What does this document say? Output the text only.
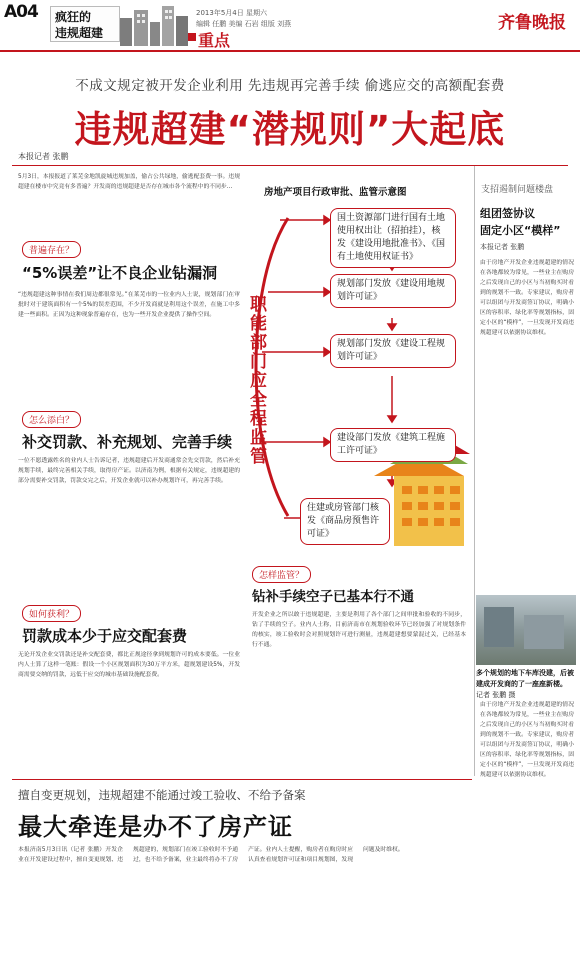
A04 疯狂的
违规超建
2013年5月4日 星期六
编辑 任鹏 美编 石岩 组版 刘燕
重点
齐鲁晚报
不成文规定被开发企业利用 先违规再完善手续 偷逃应交的高额配套费
违规超建“潜规则”大起底
本报记者 张鹏
5月3日，本报报道了莱芜金地凯旋城违规加盖，偷占公共绿地，偷逃配套费一事。违规超建在楼市中究竟有多普遍？开发商的违规超建是否存在城市各个流程中的不同步…
普遍存在？
“5%误差”让不良企业钻漏洞
“违规超建这种事情在我们周边都很常见。”在莱芜市的一位业内人士说，规划部门在审批时对于建筑面积有一个5%的误差范围，不少开发商就是利用这个误差，在施工中多建一些面积。正因为这种现象普遍存在，也为一些开发企业提供了操作空间。
怎么添白？
补交罚款、补充规划、完善手续
一位不愿透露姓名的业内人士告诉记者，违规超建后开发商通常会先交罚款，然后补充规划手续，最终完善相关手续，取得房产证。以济南为例，根据有关规定，违规超建的部分需要补交罚款，罚款交完之后，开发企业就可以补办规划许可，再完善手续。
如何获利？
罚款成本少于应交配套费
无论开发企业交罚款还是补交配套费，都比正规途径拿到规划许可的成本要低。一位业内人士算了这样一笔账：假设一个小区规划面积为30万平方米，超规划建设5%，开发商需要交纳的罚款，远低于应交的城市基础设施配套费。
房地产项目行政审批、监管示意图
职能部门应全程监管
国土资源部门进行国有土地使用权出让（招拍挂），核发《建设用地批准书》、《国有土地使用权证书》
规划部门发放《建设用地规划许可证》
规划部门发放《建设工程规划许可证》
建设部门发放《建筑工程施工许可证》
住建或房管部门核发《商品房预售许可证》
怎样监管？
钻补手续空子已基本行不通
开发企业之所以敢于违规超建，主要是利用了各个部门之间审批和验收的不同步，钻了手续的空子。业内人士称，目前济南市在规划验收环节已经加强了对规划条件的核实，竣工验收时会对照规划许可进行测量，违规超建想要蒙混过关，已经基本行不通。
支招遏制问题楼盘
组团签协议
固定小区“模样”
本报记者 张鹏
由于房地产开发企业违规超建的情况在各地都较为常见，一些业主在购房之后发现自己的小区与当初购买时看到的规划不一致。专家建议，购房者可以组团与开发商签订协议，明确小区的容积率、绿化率等规划指标，固定小区的“模样”，一旦发现开发商违规超建可以依据协议维权。
多个规划的地下车库没建，后被建成开发商的了一座座新楼。 记者 张鹏 摄
由于房地产开发企业违规超建的情况在各地都较为常见，一些业主在购房之后发现自己的小区与当初购买时看到的规划不一致。专家建议，购房者可以组团与开发商签订协议，明确小区的容积率、绿化率等规划指标，固定小区的“模样”，一旦发现开发商违规超建可以依据协议维权。
擅自变更规划，违规超建不能通过竣工验收、不给予备案
最大牵连是办不了房产证
本报济南5月3日讯（记者 张鹏）开发企业在开发建设过程中，擅自变更规划、违规超建的，规划部门在竣工验收时不予通过，也不给予备案，业主最终将办不了房产证。业内人士提醒，购房者在购房时应认真查看规划许可证和项目规划图，发现问题及时维权。
